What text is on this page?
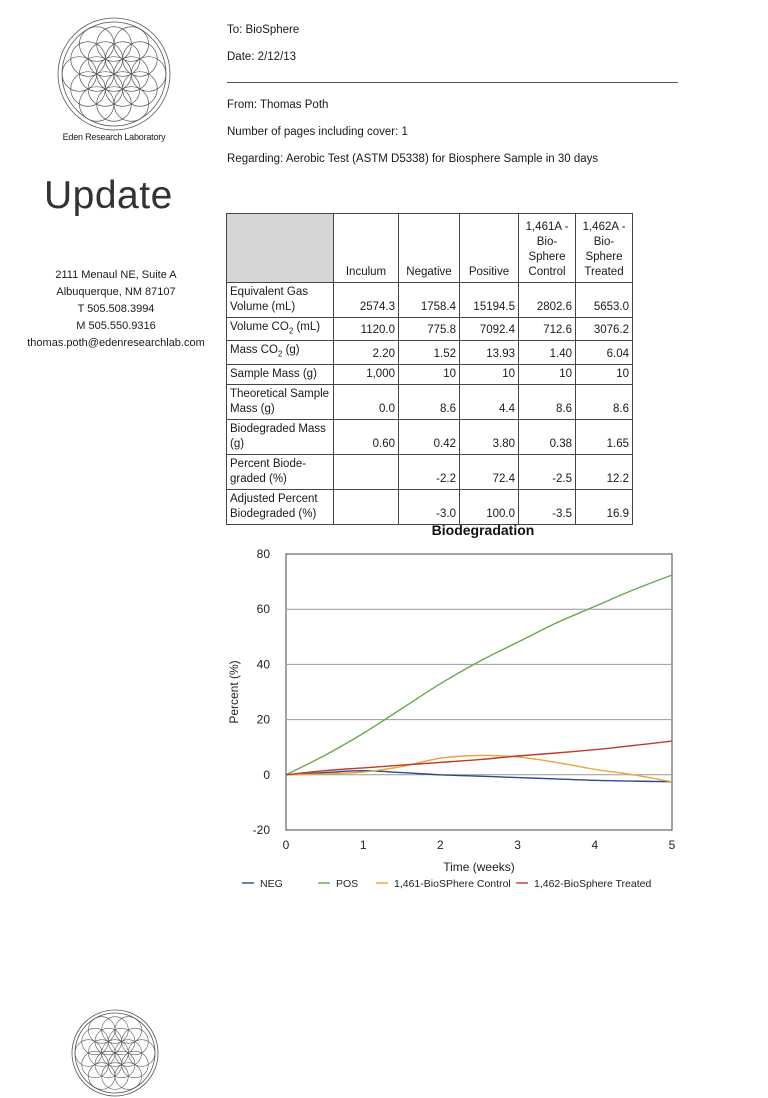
Eden Research Laboratory
Update
2111 Menaul NE, Suite A
Albuquerque, NM 87107
T 505.508.3994
M 505.550.9316
thomas.poth@edenresearchlab.com
To: BioSphere
Date: 2/12/13
From: Thomas Poth
Number of pages including cover: 1
Regarding: Aerobic Test (ASTM D5338) for Biosphere Sample in 30 days
	Inculum	Negative	Positive	1,461A - Bio-Sphere Control	1,462A - Bio-Sphere Treated
Equivalent Gas Volume (mL)	2574.3	1758.4	15194.5	2802.6	5653.0
Volume $CO_2$ (mL)	1120.0	775.8	7092.4	712.6	3076.2
Mass $CO_2$ (g)	2.20	1.52	13.93	1.40	6.04
Sample Mass (g)	1,000	10	10	10	10
Theoretical Sample Mass (g)	0.0	8.6	4.4	8.6	8.6
Biodegraded Mass (g)	0.60	0.42	3.80	0.38	1.65
Percent Biode-graded (%)		-2.2	72.4	-2.5	12.2
Adjusted Percent Biodegraded (%)		-3.0	100.0	-3.5	16.9
Biodegradation
-20
0
20
40
60
80
0	1	2	3	4	5
Time (weeks)
Percent (%)
NEG	POS	1,461-BioSPhere Control 1,462-BioSphere Treated
